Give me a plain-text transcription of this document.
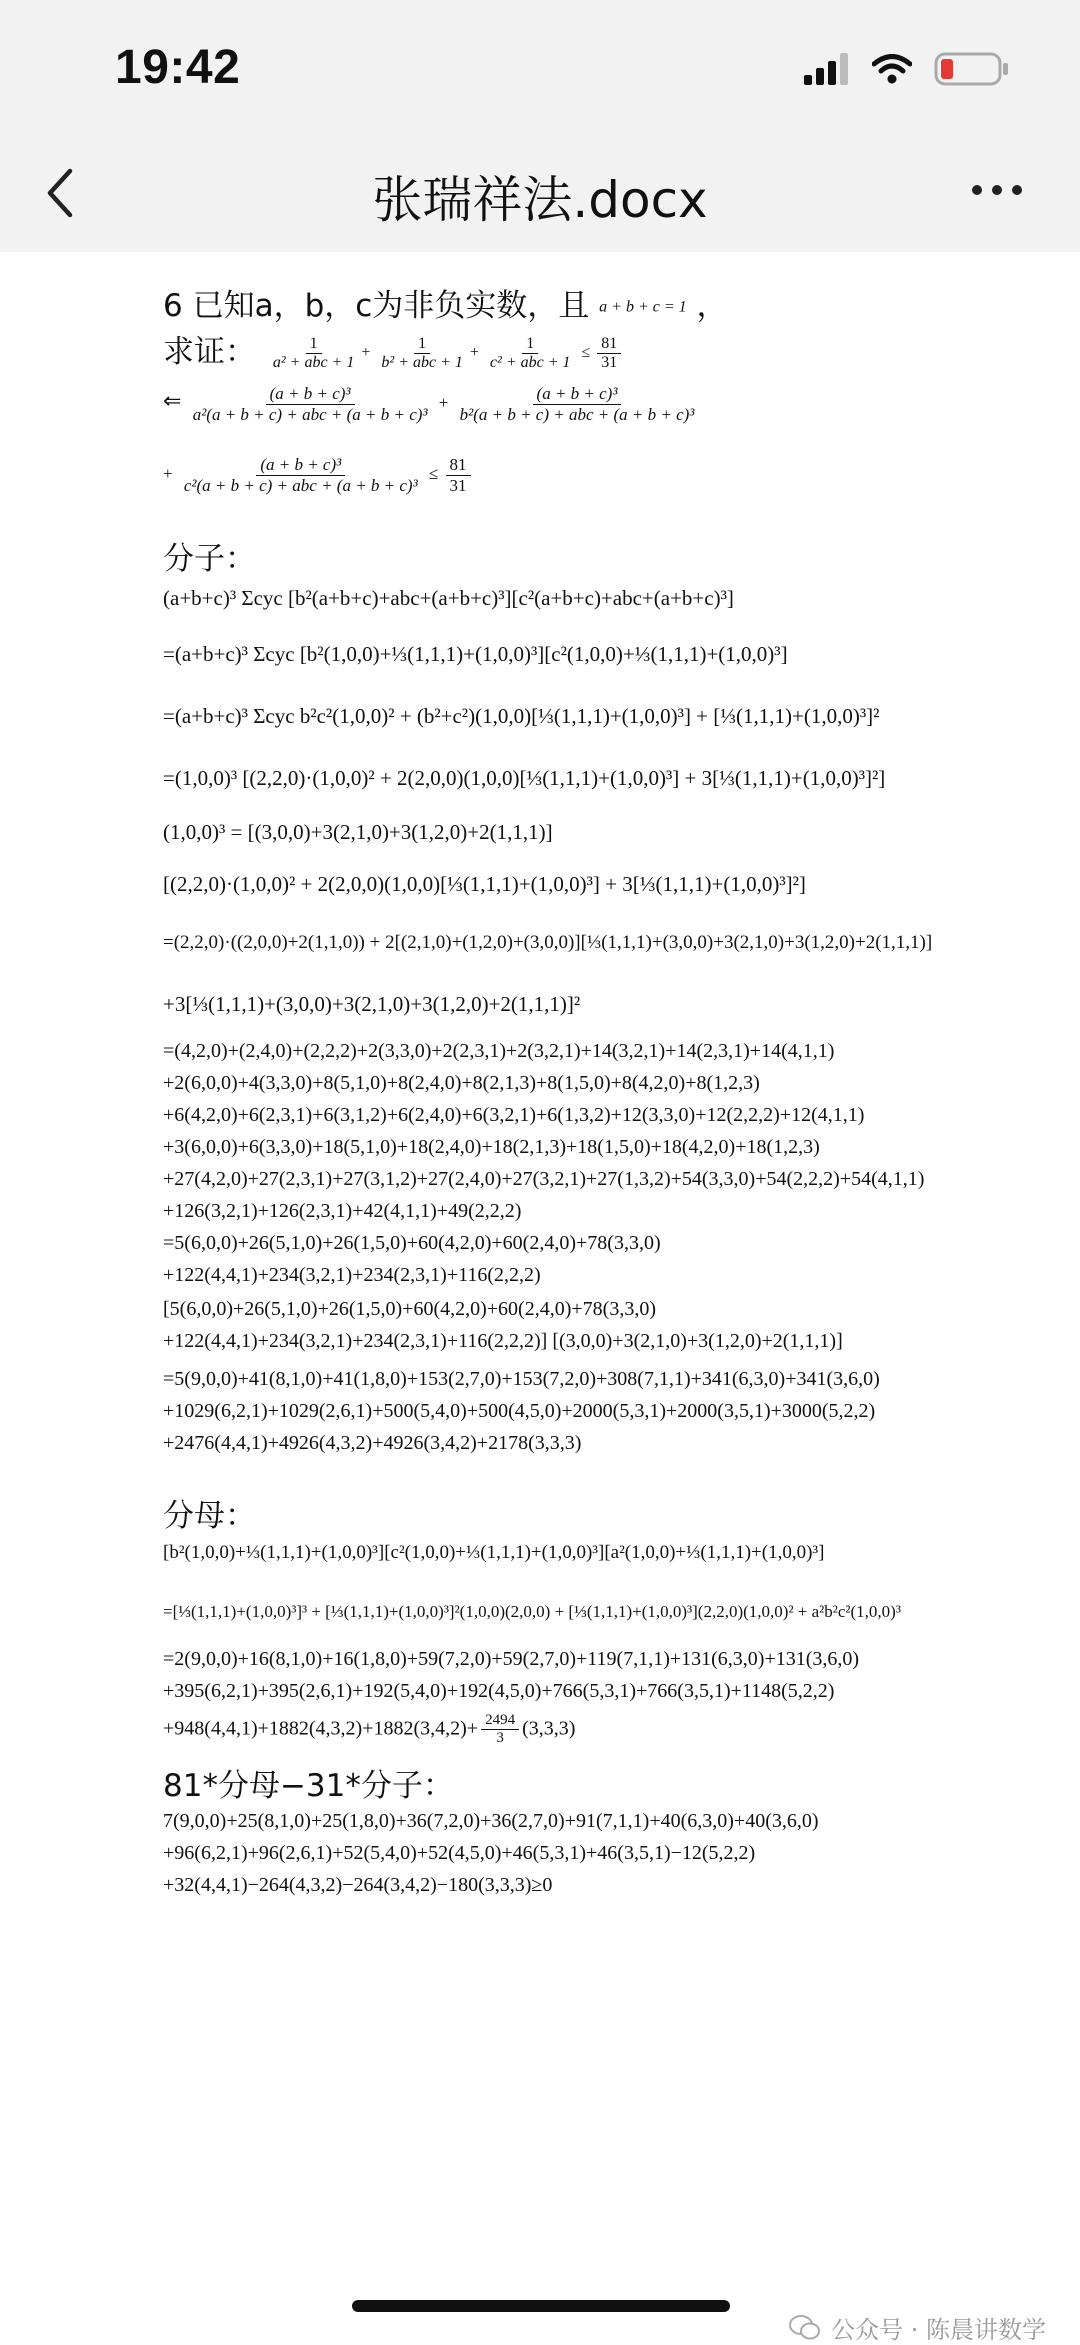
19:42
张瑞祥法.docx
6 已知a，b，c为非负实数，且 a + b + c = 1 ，
求证： $\frac{1}{\text{a² + abc + 1}} + \frac{1}{\text{b² + abc + 1}} + \frac{1}{\text{c² + abc + 1}} \le \frac{81}{31}$
⇐ $\frac{\text{(a + b + c)³}}{\text{a²(a + b + c) + abc + (a + b + c)³}} + \frac{\text{(a + b + c)³}}{\text{b²(a + b + c) + abc + (a + b + c)³}}$
+ $\frac{\text{(a + b + c)³}}{\text{c²(a + b + c) + abc + (a + b + c)³}} \le \frac{81}{31}$
分子：
(a+b+c)³ Σcyc [b²(a+b+c)+abc+(a+b+c)³][c²(a+b+c)+abc+(a+b+c)³]
=(a+b+c)³ Σcyc [b²(1,0,0)+⅓(1,1,1)+(1,0,0)³][c²(1,0,0)+⅓(1,1,1)+(1,0,0)³]
=(a+b+c)³ Σcyc b²c²(1,0,0)² + (b²+c²)(1,0,0)[⅓(1,1,1)+(1,0,0)³] + [⅓(1,1,1)+(1,0,0)³]²
=(1,0,0)³ [(2,2,0)·(1,0,0)² + 2(2,0,0)(1,0,0)[⅓(1,1,1)+(1,0,0)³] + 3[⅓(1,1,1)+(1,0,0)³]²]
(1,0,0)³ = [(3,0,0)+3(2,1,0)+3(1,2,0)+2(1,1,1)]
[(2,2,0)·(1,0,0)² + 2(2,0,0)(1,0,0)[⅓(1,1,1)+(1,0,0)³] + 3[⅓(1,1,1)+(1,0,0)³]²]
=(2,2,0)·((2,0,0)+2(1,1,0)) + 2[(2,1,0)+(1,2,0)+(3,0,0)][⅓(1,1,1)+(3,0,0)+3(2,1,0)+3(1,2,0)+2(1,1,1)]
+3[⅓(1,1,1)+(3,0,0)+3(2,1,0)+3(1,2,0)+2(1,1,1)]²
=(4,2,0)+(2,4,0)+(2,2,2)+2(3,3,0)+2(2,3,1)+2(3,2,1)+14(3,2,1)+14(2,3,1)+14(4,1,1)
+2(6,0,0)+4(3,3,0)+8(5,1,0)+8(2,4,0)+8(2,1,3)+8(1,5,0)+8(4,2,0)+8(1,2,3)
+6(4,2,0)+6(2,3,1)+6(3,1,2)+6(2,4,0)+6(3,2,1)+6(1,3,2)+12(3,3,0)+12(2,2,2)+12(4,1,1)
+3(6,0,0)+6(3,3,0)+18(5,1,0)+18(2,4,0)+18(2,1,3)+18(1,5,0)+18(4,2,0)+18(1,2,3)
+27(4,2,0)+27(2,3,1)+27(3,1,2)+27(2,4,0)+27(3,2,1)+27(1,3,2)+54(3,3,0)+54(2,2,2)+54(4,1,1)
+126(3,2,1)+126(2,3,1)+42(4,1,1)+49(2,2,2)
=5(6,0,0)+26(5,1,0)+26(1,5,0)+60(4,2,0)+60(2,4,0)+78(3,3,0)
+122(4,4,1)+234(3,2,1)+234(2,3,1)+116(2,2,2)
[5(6,0,0)+26(5,1,0)+26(1,5,0)+60(4,2,0)+60(2,4,0)+78(3,3,0)
+122(4,4,1)+234(3,2,1)+234(2,3,1)+116(2,2,2)] [(3,0,0)+3(2,1,0)+3(1,2,0)+2(1,1,1)]
=5(9,0,0)+41(8,1,0)+41(1,8,0)+153(2,7,0)+153(7,2,0)+308(7,1,1)+341(6,3,0)+341(3,6,0)
+1029(6,2,1)+1029(2,6,1)+500(5,4,0)+500(4,5,0)+2000(5,3,1)+2000(3,5,1)+3000(5,2,2)
+2476(4,4,1)+4926(4,3,2)+4926(3,4,2)+2178(3,3,3)
分母：
[b²(1,0,0)+⅓(1,1,1)+(1,0,0)³][c²(1,0,0)+⅓(1,1,1)+(1,0,0)³][a²(1,0,0)+⅓(1,1,1)+(1,0,0)³]
=[⅓(1,1,1)+(1,0,0)³]³ + [⅓(1,1,1)+(1,0,0)³]²(1,0,0)(2,0,0) + [⅓(1,1,1)+(1,0,0)³](2,2,0)(1,0,0)² + a²b²c²(1,0,0)³
=2(9,0,0)+16(8,1,0)+16(1,8,0)+59(7,2,0)+59(2,7,0)+119(7,1,1)+131(6,3,0)+131(3,6,0)
+395(6,2,1)+395(2,6,1)+192(5,4,0)+192(4,5,0)+766(5,3,1)+766(3,5,1)+1148(5,2,2)
$+948(4,4,1)+1882(4,3,2)+1882(3,4,2)+ \frac{2494}{3} (3,3,3)$
81*分母−31*分子：
7(9,0,0)+25(8,1,0)+25(1,8,0)+36(7,2,0)+36(2,7,0)+91(7,1,1)+40(6,3,0)+40(3,6,0)
+96(6,2,1)+96(2,6,1)+52(5,4,0)+52(4,5,0)+46(5,3,1)+46(3,5,1)−12(5,2,2)
+32(4,4,1)−264(4,3,2)−264(3,4,2)−180(3,3,3)≥0
公众号 · 陈晨讲数学
